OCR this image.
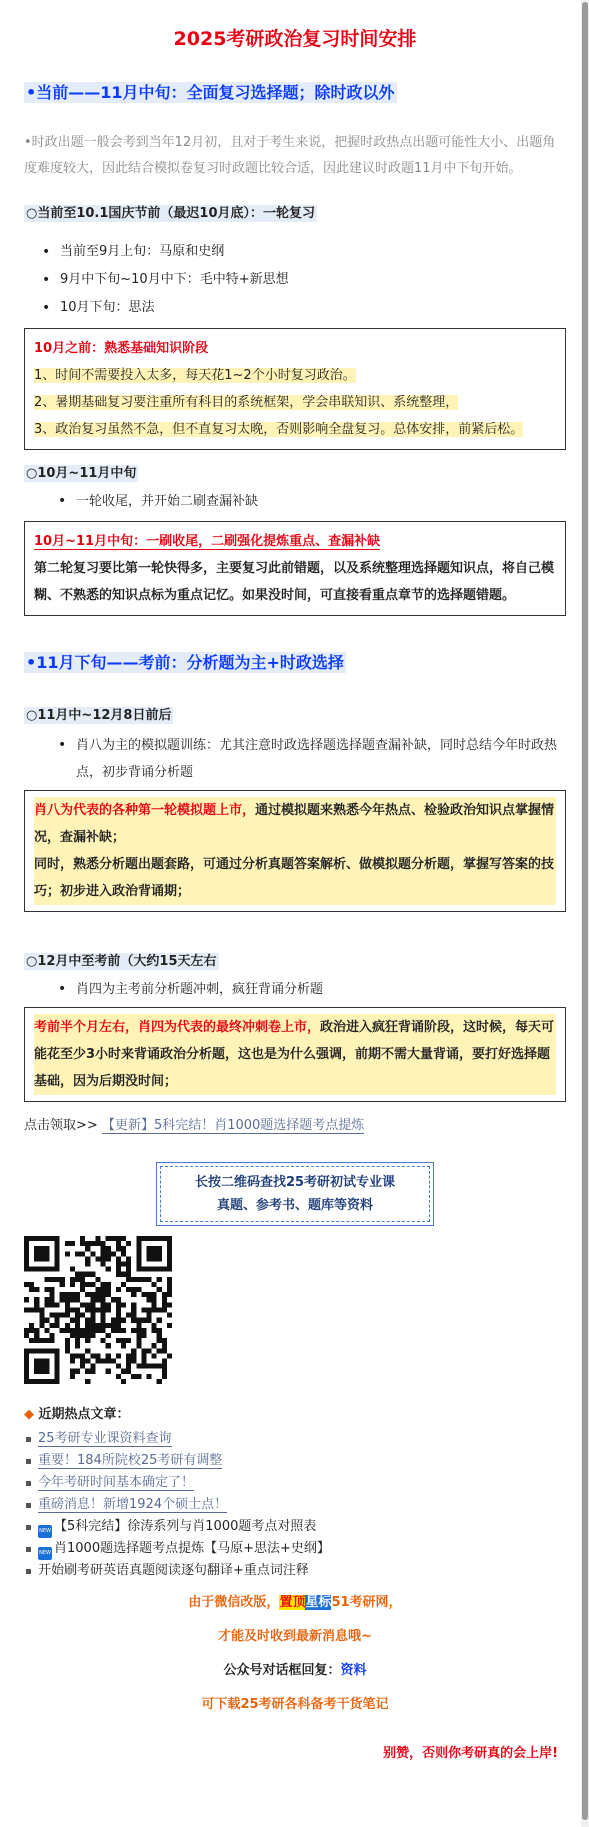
2025考研政治复习时间安排
•当前——11月中旬：全面复习选择题；除时政以外
•时政出题一般会考到当年12月初，且对于考生来说，把握时政热点出题可能性大小、出题角度难度较大，因此结合模拟卷复习时政题比较合适，因此建议时政题11月中下旬开始。
○当前至10.1国庆节前（最迟10月底）：一轮复习
• 当前至9月上旬：马原和史纲
• 9月中下旬~10月中下：毛中特+新思想
• 10月下旬：思法
10月之前：熟悉基础知识阶段
1、时间不需要投入太多，每天花1~2个小时复习政治。
2、暑期基础复习要注重所有科目的系统框架，学会串联知识、系统整理，
3、政治复习虽然不急，但不直复习太晚，否则影响全盘复习。总体安排，前紧后松。
○10月~11月中旬
• 一轮收尾，并开始二刷查漏补缺
10月~11月中旬：一刷收尾，二刷强化提炼重点、查漏补缺
第二轮复习要比第一轮快得多，主要复习此前错题，以及系统整理选择题知识点，将自己模糊、不熟悉的知识点标为重点记忆。如果没时间，可直接看重点章节的选择题错题。
•11月下旬——考前：分析题为主+时政选择
○11月中~12月8日前后
• 肖八为主的模拟题训练：尤其注意时政选择题选择题查漏补缺，同时总结今年时政热点，初步背诵分析题
肖八为代表的各种第一轮模拟题上市，通过模拟题来熟悉今年热点、检验政治知识点掌握情况，查漏补缺；
同时，熟悉分析题出题套路，可通过分析真题答案解析、做模拟题分析题，掌握写答案的技巧；初步进入政治背诵期；
○12月中至考前（大约15天左右
• 肖四为主考前分析题冲刺，疯狂背诵分析题
考前半个月左右，肖四为代表的最终冲刺卷上市，政治进入疯狂背诵阶段，这时候，每天可能花至少3小时来背诵政治分析题，这也是为什么强调，前期不需大量背诵，要打好选择题基础，因为后期没时间；
点击领取>> 【更新】5科完结！肖1000题选择题考点提炼
长按二维码查找25考研初试专业课
真题、参考书、题库等资料
◆ 近期热点文章：
25考研专业课资料查询
重要！184所院校25考研有调整
今年考研时间基本确定了！
重磅消息！新增1924个硕士点！
NEW 【5科完结】徐涛系列与肖1000题考点对照表
NEW 肖1000题选择题考点提炼【马原+思法+史纲】
开始刷考研英语真题阅读逐句翻译+重点词注释
由于微信改版，置顶星标51考研网，
才能及时收到最新消息哦~
公众号对话框回复：资料
可下载25考研各科备考干货笔记
别赞，否则你考研真的会上岸!
